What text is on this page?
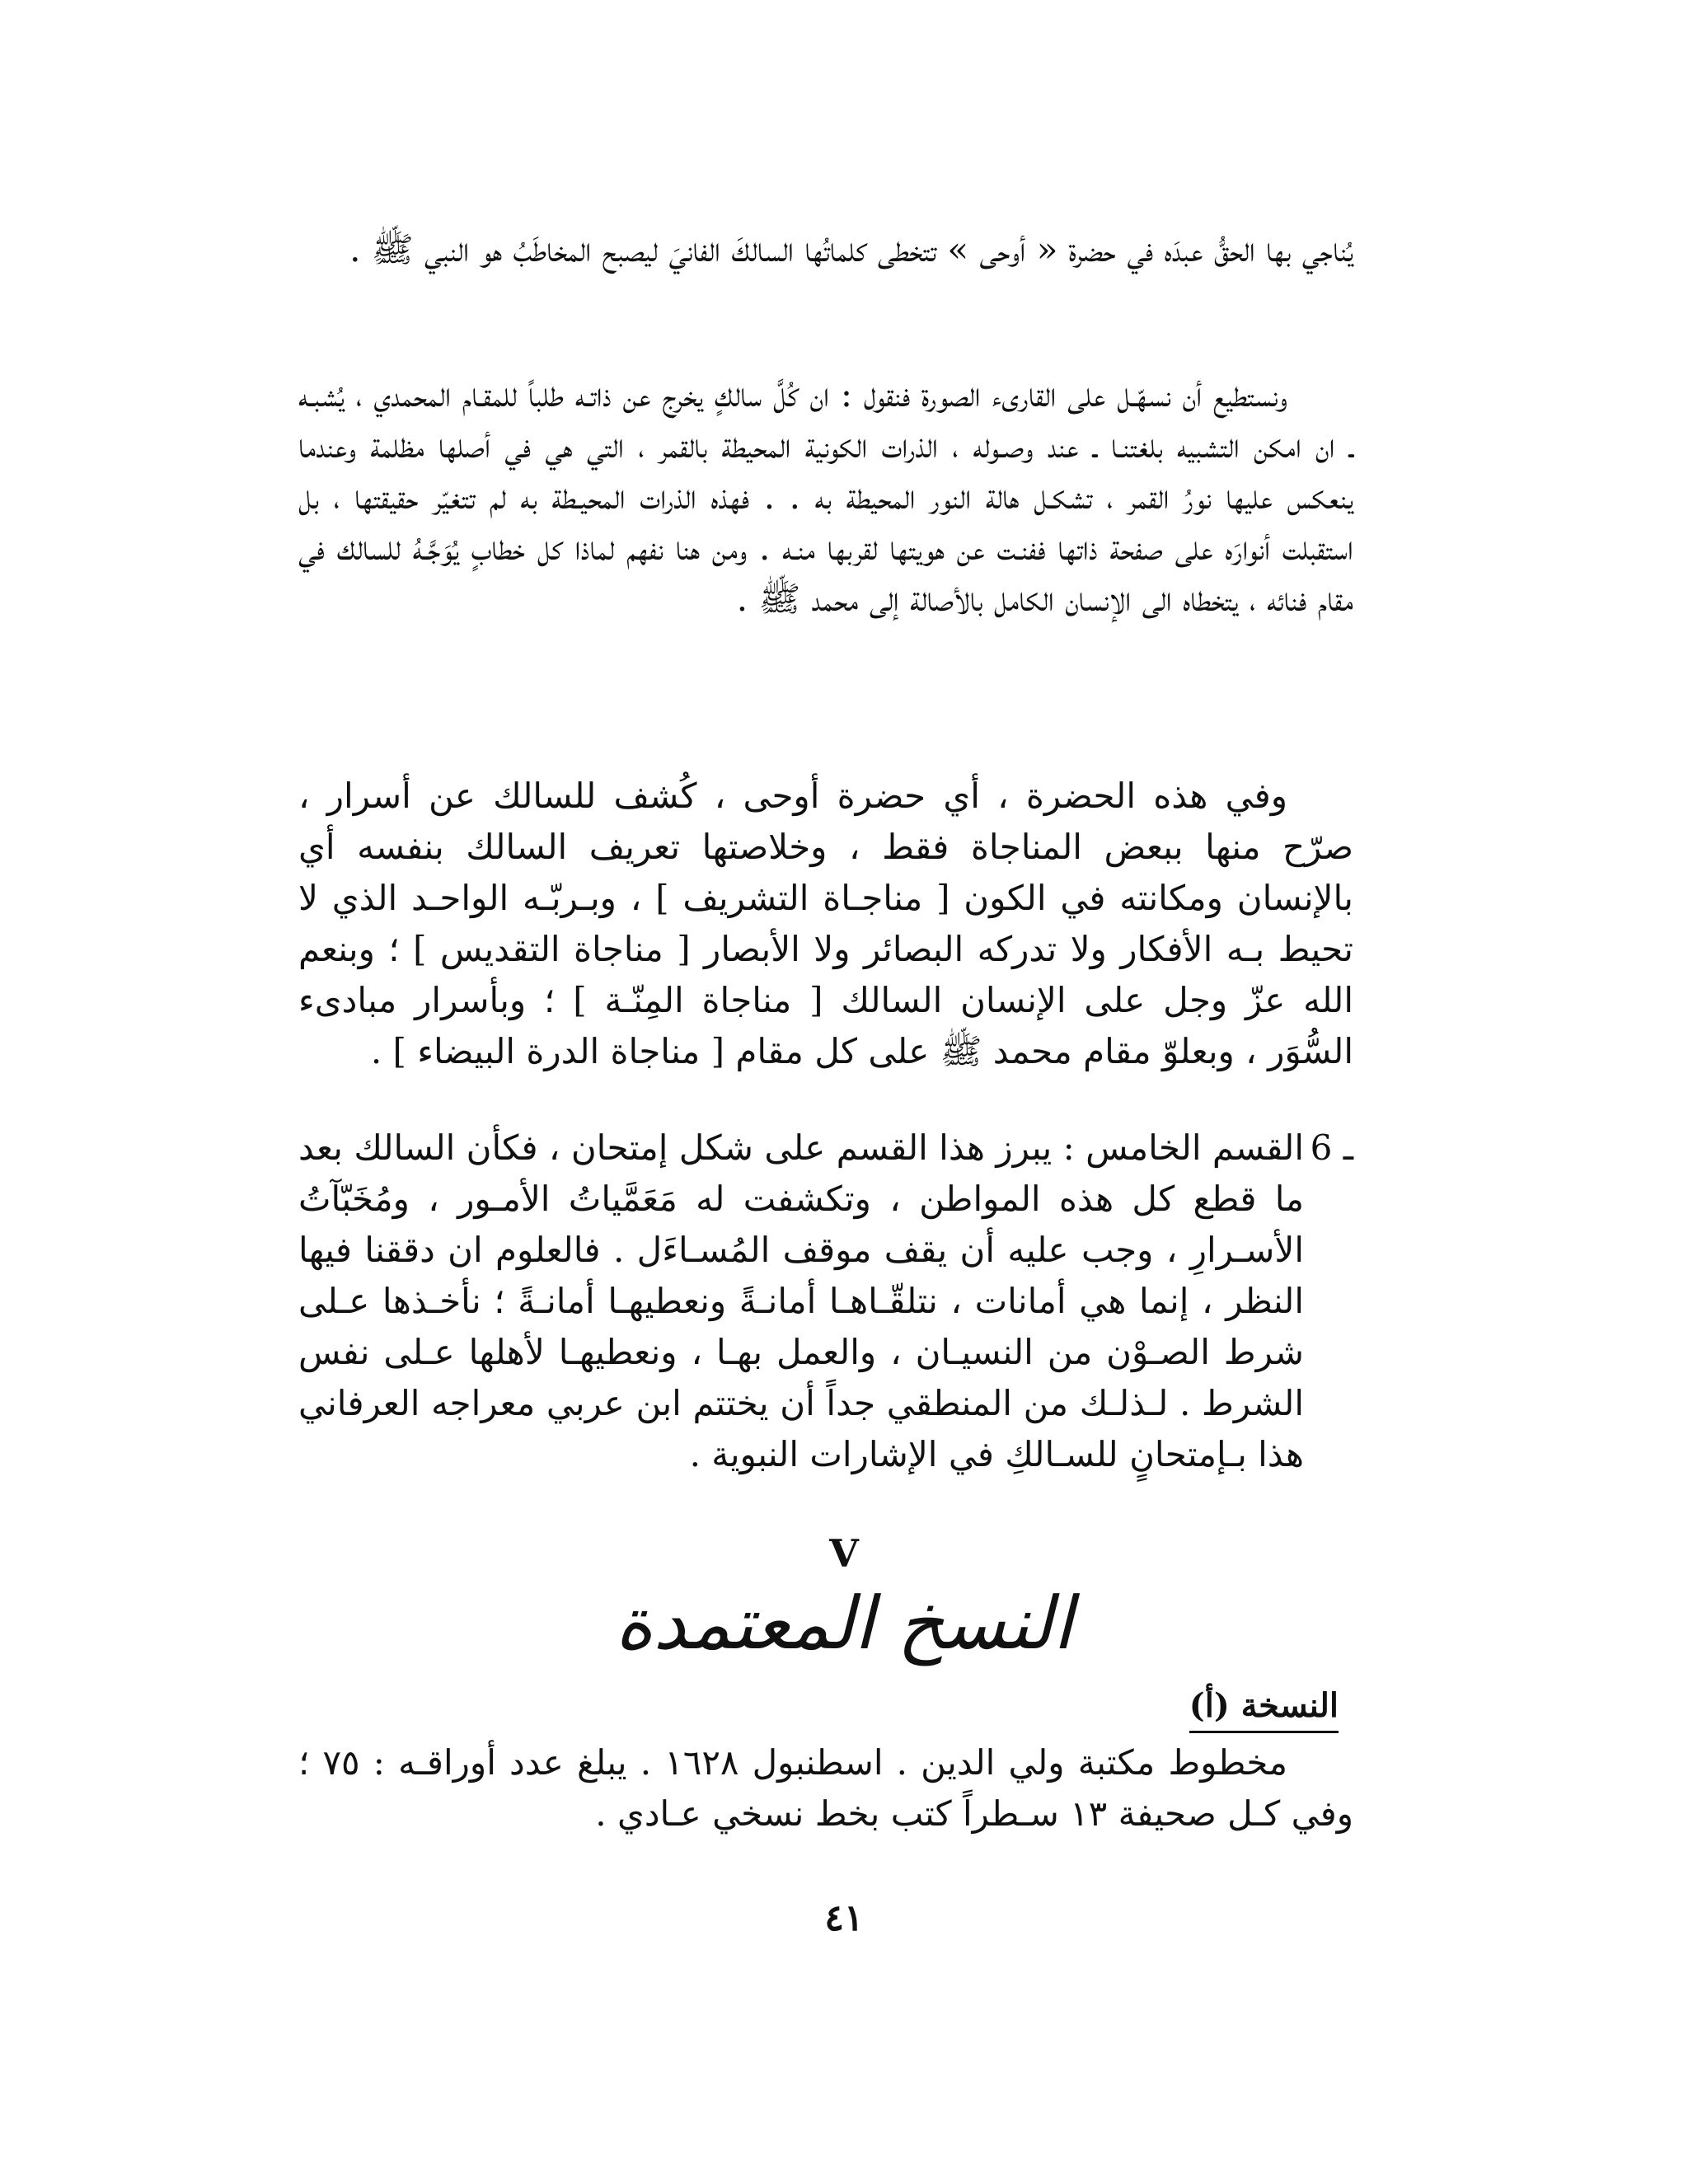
يُناجي بها الحقُّ عبدَه في حضرة « أوحى » تتخطى كلماتُها السالكَ الفانيَ ليصبح المخاطَبُ هو النبي ﷺ .

ونستطيع أن نسهّـل على القارىء الصورة فنقول : ان كُلَّ سالكٍ يخرج عن ذاتـه طلباً للمقـام المحمدي ، يُشبـه ـ ان امكن التشبيه بلغتنـا ـ عند وصـوله ، الذرات الكونية المحيطة بالقمر ، التي هي في أصلها مظلمة وعندما ينعكس عليها نورُ القمر ، تشكـل هالة النور المحيطة به . . فهذه الذرات المحيـطة به لم تتغيّر حقيقتها ، بل استقبلت أنوارَه على صفحة ذاتها ففنـت عن هويتها لقربها منـه . ومن هنا نفهم لماذا كل خطابٍ يُوَجَّـهُ للسالك في مقام فنائه ، يتخطاه الى الإنسان الكامل بالأصالة إلى محمد ﷺ .

وفي هذه الحضرة ، أي حضرة أوحى ، كُشف للسالك عن أسرار ، صرّح منها ببعض المناجاة فقط ، وخلاصتها تعريف السالك بنفسه أي بالإنسان ومكانته في الكون [ مناجـاة التشريف ] ، وبـربّـه الواحـد الذي لا تحيط بـه الأفكار ولا تدركه البصائر ولا الأبصار [ مناجاة التقديس ] ؛ وبنعم الله عزّ وجل على الإنسان السالك [ مناجاة المِنّـة ] ؛ وبأسرار مبادىء السُّوَر ، وبعلوّ مقام محمد ﷺ على كل مقام [ مناجاة الدرة البيضاء ] .

6 ـ

القسم الخامس : يبرز هذا القسم على شكل إمتحان ، فكأن السالك بعد ما قطع كل هذه المواطن ، وتكشفت له مَعَمَّياتُ الأمـور ، ومُخَبّآتُ الأسـرارِ ، وجب عليه أن يقف موقف المُسـاءَل . فالعلوم ان دققنا فيها النظر ، إنما هي أمانات ، نتلقّـاهـا أمانـةً ونعطيهـا أمانـةً ؛ نأخـذها عـلى شرط الصـوْن من النسيـان ، والعمل بهـا ، ونعطيهـا لأهلها عـلى نفس الشرط . لـذلـك من المنطقي جداً أن يختتم ابن عربي معراجه العرفاني هذا بـإمتحانٍ للسـالكِ في الإشارات النبوية .

V
النسخ المعتمدة
النسخة (أ)

مخطوط مكتبة ولي الدين . اسطنبول ١٦٢٨ . يبلغ عدد أوراقـه : ٧٥ ؛ وفي كـل صحيفة ١٣ سـطراً كتب بخط نسخي عـادي .

٤١
